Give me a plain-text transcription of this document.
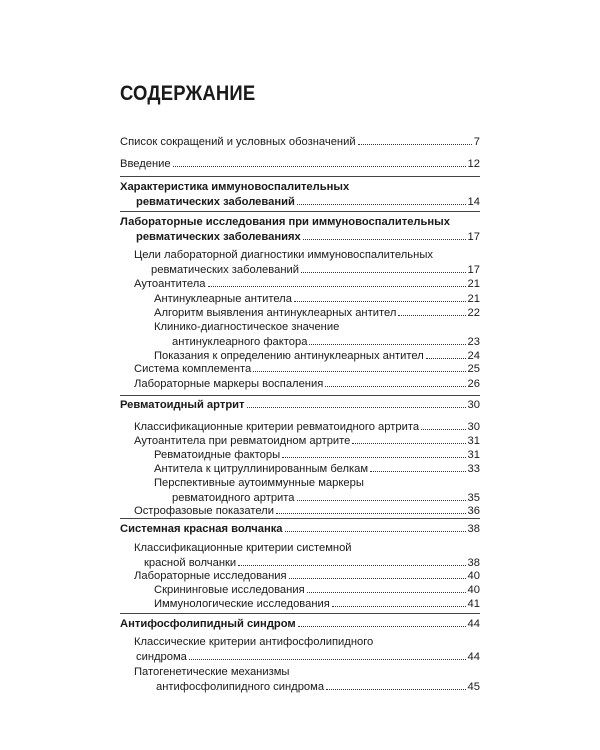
СОДЕРЖАНИЕ
Список сокращений и условных обозначений	7
Введение	12
Характеристика иммуновоспалительных
ревматических заболеваний	14
Лабораторные исследования при иммуновоспалительных
ревматических заболеваниях	17
Цели лабораторной диагностики иммуновоспалительных
ревматических заболеваний	17
Аутоантитела	21
Антинуклеарные антитела	21
Алгоритм выявления антинуклеарных антител	22
Клинико-диагностическое значение
антинуклеарного фактора	23
Показания к определению антинуклеарных антител	24
Система комплемента	25
Лабораторные маркеры воспаления	26
Ревматоидный артрит	30
Классификационные критерии ревматоидного артрита	30
Аутоантитела при ревматоидном артрите	31
Ревматоидные факторы	31
Антитела к цитруллинированным белкам	33
Перспективные аутоиммунные маркеры
ревматоидного артрита	35
Острофазовые показатели	36
Системная красная волчанка	38
Классификационные критерии системной
красной волчанки	38
Лабораторные исследования	40
Скрининговые исследования	40
Иммунологические исследования	41
Антифосфолипидный синдром	44
Классические критерии антифосфолипидного
синдрома	44
Патогенетические механизмы
антифосфолипидного синдрома	45
